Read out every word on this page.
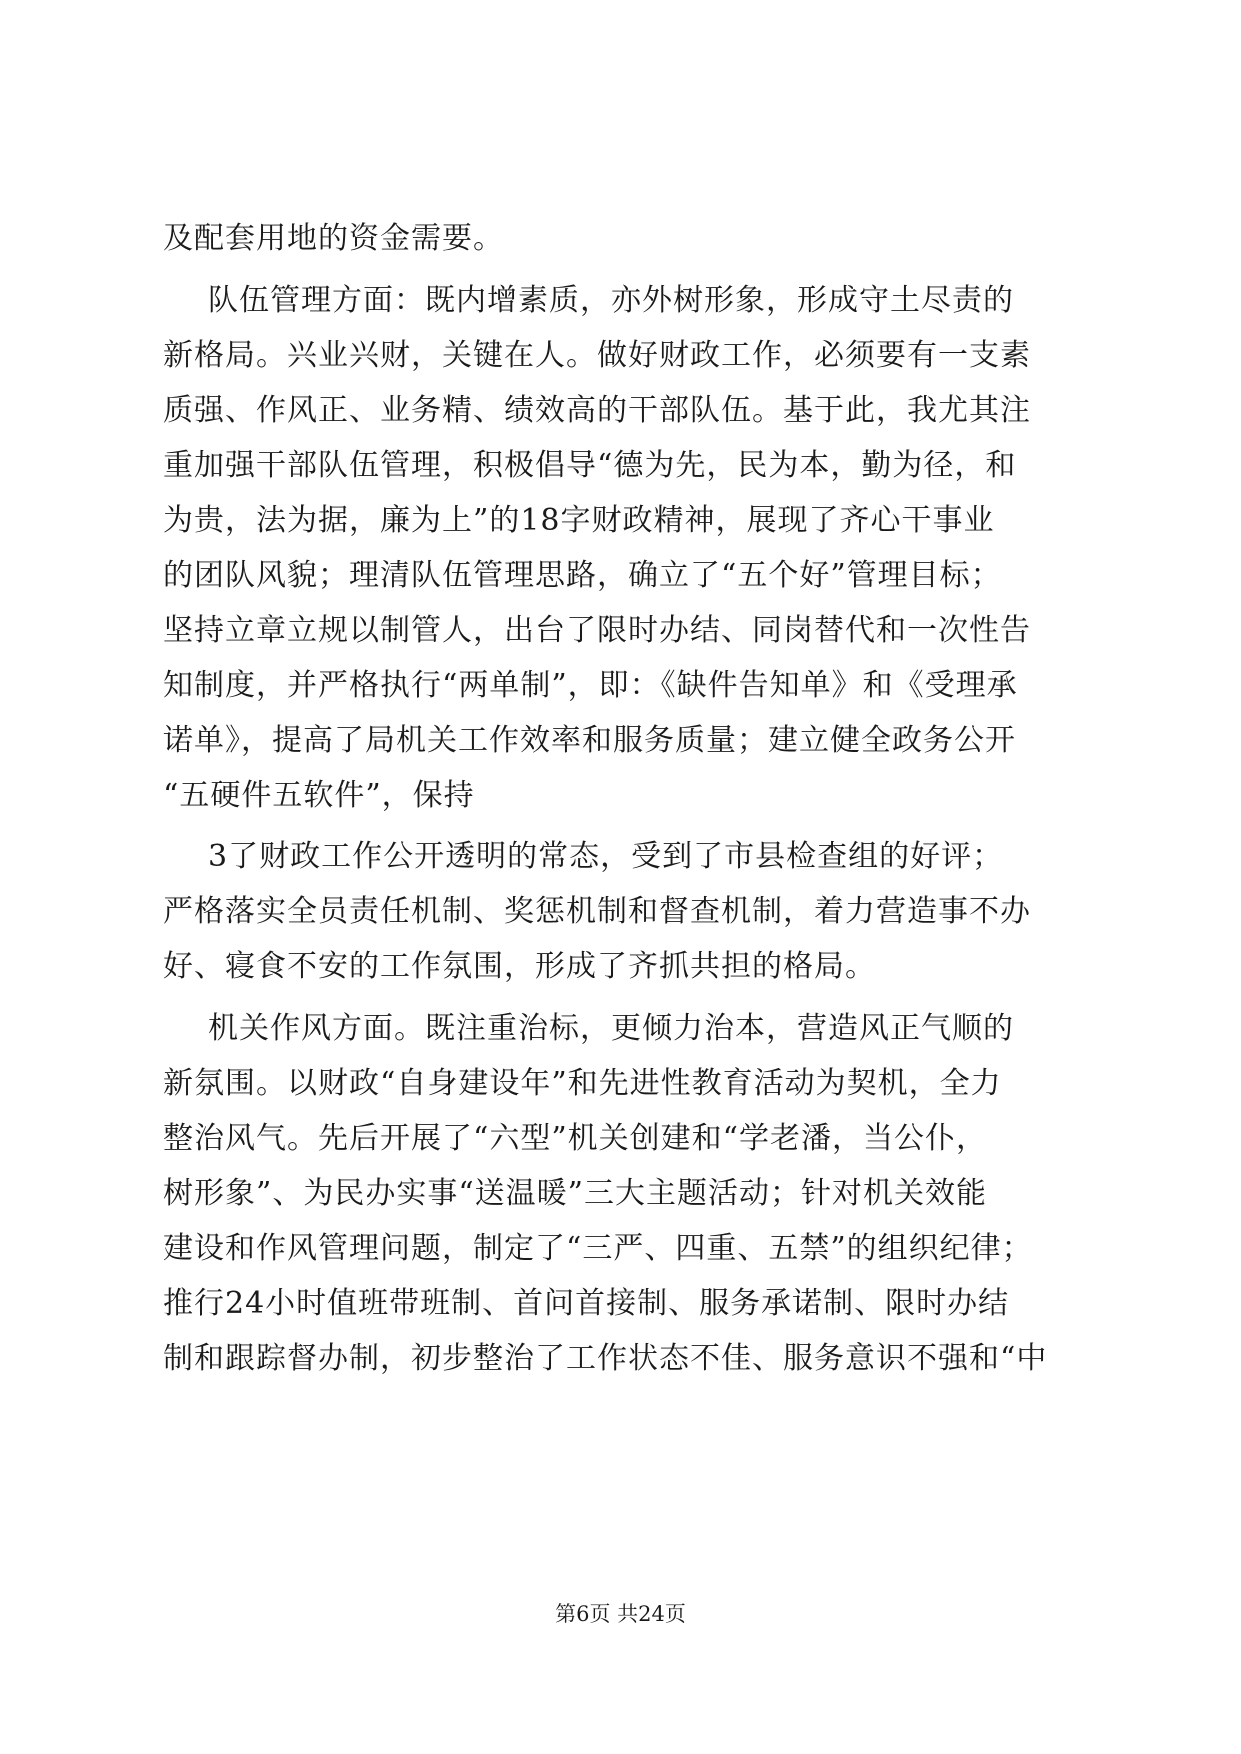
及配套用地的资金需要。
队伍管理方面：既内增素质，亦外树形象，形成守土尽责的
新格局。兴业兴财，关键在人。做好财政工作，必须要有一支素
质强、作风正、业务精、绩效高的干部队伍。基于此，我尤其注
重加强干部队伍管理，积极倡导“德为先，民为本，勤为径，和
为贵，法为据，廉为上”的18字财政精神，展现了齐心干事业
的团队风貌；理清队伍管理思路，确立了“五个好”管理目标；
坚持立章立规以制管人，出台了限时办结、同岗替代和一次性告
知制度，并严格执行“两单制”，即：《缺件告知单》和《受理承
诺单》，提高了局机关工作效率和服务质量；建立健全政务公开
“五硬件五软件”，保持
3了财政工作公开透明的常态，受到了市县检查组的好评；
严格落实全员责任机制、奖惩机制和督查机制，着力营造事不办
好、寝食不安的工作氛围，形成了齐抓共担的格局。
机关作风方面。既注重治标，更倾力治本，营造风正气顺的
新氛围。以财政“自身建设年”和先进性教育活动为契机，全力
整治风气。先后开展了“六型”机关创建和“学老潘，当公仆，
树形象”、为民办实事“送温暖”三大主题活动；针对机关效能
建设和作风管理问题，制定了“三严、四重、五禁”的组织纪律；
推行24小时值班带班制、首问首接制、服务承诺制、限时办结
制和跟踪督办制，初步整治了工作状态不佳、服务意识不强和“中
第6页 共24页
